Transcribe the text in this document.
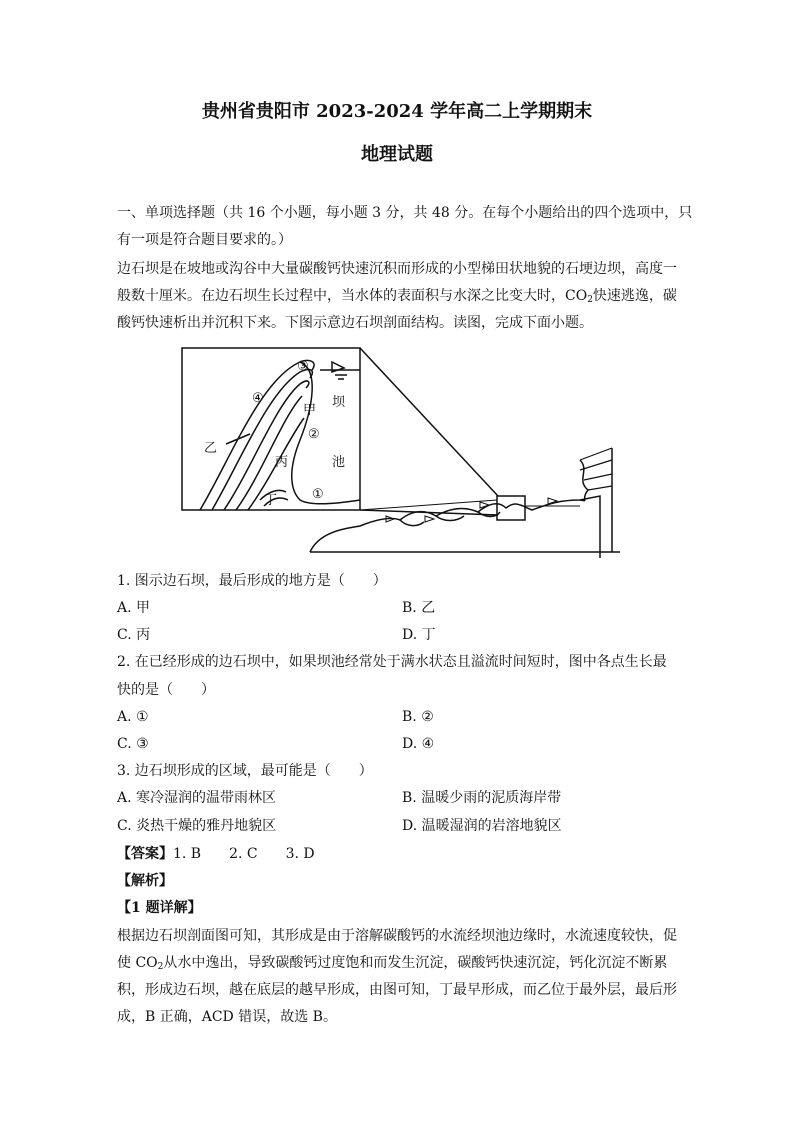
贵州省贵阳市 2023-2024 学年高二上学期期末
地理试题
一、单项选择题（共 16 个小题，每小题 3 分，共 48 分。在每个小题给出的四个选项中，只
有一项是符合题目要求的。）
边石坝是在坡地或沟谷中大量碳酸钙快速沉积而形成的小型梯田状地貌的石埂边坝，高度一
般数十厘米。在边石坝生长过程中，当水体的表面积与水深之比变大时，$CO_2$快速逃逸，碳
酸钙快速析出并沉积下来。下图示意边石坝剖面结构。读图，完成下面小题。
③
④
甲
坝
②
乙
丙	池
①
丁
1. 图示边石坝，最后形成的地方是（　　）
A. 甲	B. 乙
C. 丙	D. 丁
2. 在已经形成的边石坝中，如果坝池经常处于满水状态且溢流时间短时，图中各点生长最
快的是（　　）
A. ①	B. ②
C. ③	D. ④
3. 边石坝形成的区域，最可能是（　　）
A. 寒冷湿润的温带雨林区	B. 温暖少雨的泥质海岸带
C. 炎热干燥的雅丹地貌区	D. 温暖湿润的岩溶地貌区
【答案】1. B　　2. C　　3. D
【解析】
【1 题详解】
根据边石坝剖面图可知，其形成是由于溶解碳酸钙的水流经坝池边缘时，水流速度较快，促
使 $CO_2$从水中逸出，导致碳酸钙过度饱和而发生沉淀，碳酸钙快速沉淀，钙化沉淀不断累
积，形成边石坝，越在底层的越早形成，由图可知，丁最早形成，而乙位于最外层，最后形
成，B 正确，ACD 错误，故选 B。
